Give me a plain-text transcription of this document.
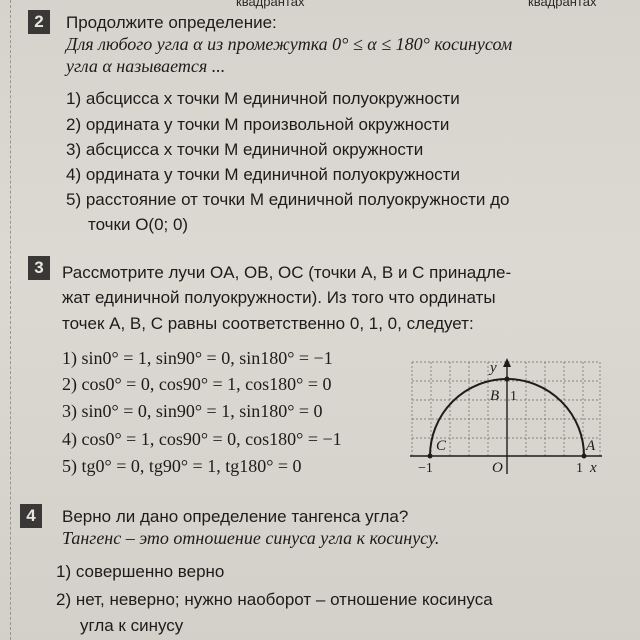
квадрантах	квадрантах
2	Продолжите определение:
Для любого угла α из промежутка 0° ≤ α ≤ 180° косинусом
угла α называется ...
1) абсцисса x точки M единичной полуокружности
2) ордината y точки M произвольной окружности
3) абсцисса x точки M единичной окружности
4) ордината y точки M единичной полуокружности
5) расстояние от точки M единичной полуокружности до
точки O(0; 0)
3	Рассмотрите лучи OA, OB, OC (точки A, B и C принадле-
жат единичной полуокружности). Из того что ординаты
точек A, B, C равны соответственно 0, 1, 0, следует:
1) sin0° = 1, sin90° = 0, sin180° = −1
2) cos0° = 0, cos90° = 1, cos180° = 0
3) sin0° = 0, sin90° = 1, sin180° = 0
4) cos0° = 1, cos90° = 0, cos180° = −1
5) tg0° = 0, tg90° = 1, tg180° = 0
y
B 1
C	A
−1	O	1 x
4	Верно ли дано определение тангенса угла?
Тангенс – это отношение синуса угла к косинусу.
1) совершенно верно
2) нет, неверно; нужно наоборот – отношение косинуса
угла к синусу
